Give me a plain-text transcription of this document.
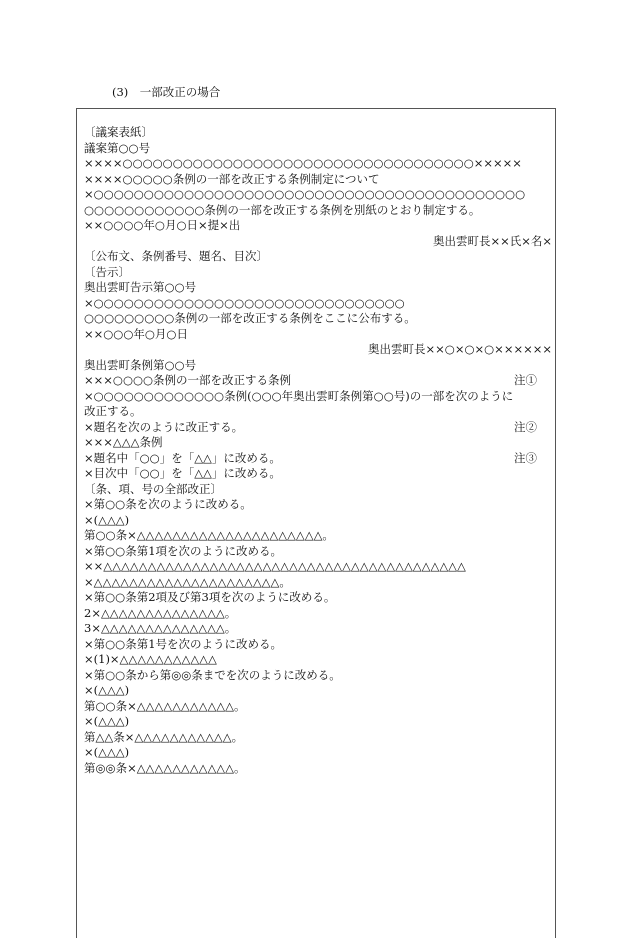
(3)　一部改正の場合
〔議案表紙〕
議案第○○号
××××○○○○○○○○○○○○○○○○○○○○○○○○○○○○○○○○○○○×××××
××××○○○○○条例の一部を改正する条例制定について
×○○○○○○○○○○○○○○○○○○○○○○○○○○○○○○○○○○○○○○○○○○○
○○○○○○○○○○○○条例の一部を改正する条例を別紙のとおり制定する。
××○○○○年○月○日×提×出
奥出雲町長××氏×名×
〔公布文、条例番号、題名、目次〕
〔告示〕
奥出雲町告示第○○号
×○○○○○○○○○○○○○○○○○○○○○○○○○○○○○○○
○○○○○○○○○条例の一部を改正する条例をここに公布する。
××○○○年○月○日
奥出雲町長××○×○×○××××××
奥出雲町条例第○○号
×××○○○○条例の一部を改正する条例	注①
×○○○○○○○○○○○○○条例(○○○年奥出雲町条例第○○号)の一部を次のように
改正する。
×題名を次のように改正する。	注②
×××△△△条例
×題名中「○○」を「△△」に改める。	注③
×目次中「○○」を「△△」に改める。
〔条、項、号の全部改正〕
×第○○条を次のように改める。
×(△△△)
第○○条×△△△△△△△△△△△△△△△△△△△△△。
×第○○条第1項を次のように改める。
××△△△△△△△△△△△△△△△△△△△△△△△△△△△△△△△△△△△△△△△△△
×△△△△△△△△△△△△△△△△△△△△△。
×第○○条第2項及び第3項を次のように改める。
2×△△△△△△△△△△△△△△。
3×△△△△△△△△△△△△△△。
×第○○条第1号を次のように改める。
×(1)×△△△△△△△△△△△
×第○○条から第◎◎条までを次のように改める。
×(△△△)
第○○条×△△△△△△△△△△△。
×(△△△)
第△△条×△△△△△△△△△△△。
×(△△△)
第◎◎条×△△△△△△△△△△△。
